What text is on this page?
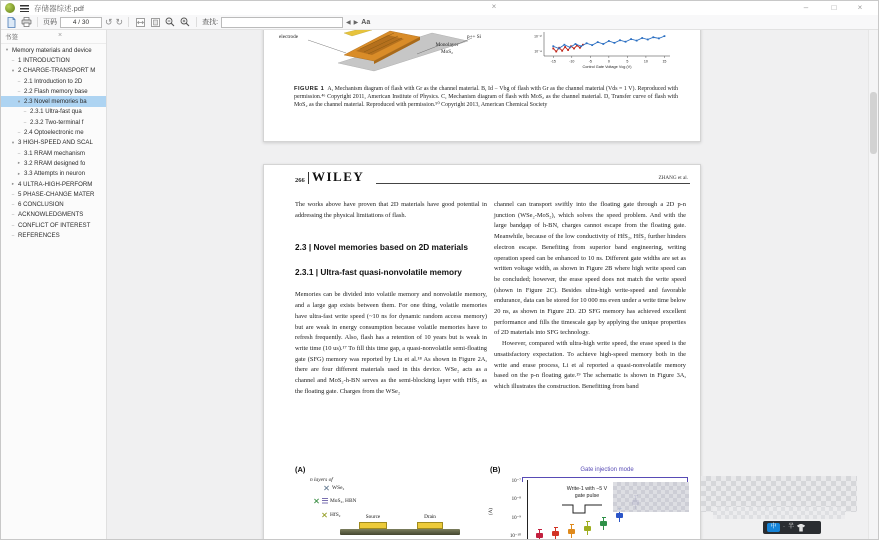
存储器综述.pdf	×	–	□	×
页码
4 / 30	↺ ↻	查找:	◀ ▶ Aa
书签	×
▾ Memory materials and device
– 1 INTRODUCTION
▾ 2 CHARGE-TRANSPORT M
– 2.1 Introduction to 2D
– 2.2 Flash memory base
▾ 2.3 Novel memories ba
– 2.3.1 Ultra-fast qua
– 2.3.2 Two-terminal f
– 2.4 Optoelectronic me
▾ 3 HIGH-SPEED AND SCAL
– 3.1 RRAM mechanism
▸ 3.2 RRAM designed fo
▸ 3.3 Attempts in neuron
▸ 4 ULTRA-HIGH-PERFORM
– 5 PHASE-CHANGE MATER
– 6 CONCLUSION
– ACKNOWLEDGMENTS
– CONFLICT OF INTEREST
– REFERENCES
-15	-10	-5	0	5	10	15
10⁻¹⁰
10⁻¹²
Control Gate Voltage Vcg (V)
electrode
Monolayer
MoS₂
p++ Si
FIGURE 1 A, Mechanism diagram of flash with Gr as the channel material. B, Id − Vbg of flash with Gr as the channel material (Vds = 1 V). Reproduced with permission.⁴⁶ Copyright 2011, American Institute of Physics. C, Mechanism diagram of flash with MoS₂ as the channel material. D, Transfer curve of flash with MoS₂ as the channel material. Reproduced with permission.⁵⁰ Copyright 2013, American Chemical Society
266 WILEY	ZHANG et al.

The works above have proven that 2D materials have good potential in addressing the physical limitations of flash.

2.3 | Novel memories based on 2D materials
2.3.1 | Ultra-fast quasi-nonvolatile memory

Memories can be divided into volatile memory and nonvolatile memory, and a large gap exists between them. For one thing, volatile memories have ultra-fast write speed (~10 ns for dynamic random access memory) but are weak in energy consumption because volatile memories have to refresh frequently. Also, flash has a retention of 10 years but is weak in write time (10 us).¹⁷ To fill this time gap, a quasi-nonvolatile semi-floating gate (SFG) memory was reported by Liu et al.¹⁸ As shown in Figure 2A, there are four different materials used in this device. WSe₂ acts as a channel and MoS₂-h-BN serves as the semi-blocking layer with HfS₂ as the floating gate. Charges from the WSe₂

channel can transport swiftly into the floating gate through a 2D p-n junction (WSe₂-MoS₂), which solves the speed problem. And with the large bandgap of h-BN, charges cannot escape from the floating gate. Meanwhile, because of the low conductivity of HfS₂, HfS₂ further hinders electron escape. Benefiting from superior band engineering, writing operation speed can be enhanced to 10 ns. Different gate widths are set as written voltage width, as shown in Figure 2B where high write speed can be concluded; however, the erase speed does not match the write speed (shown in Figure 2C). Besides ultra-high write-speed and favorable endurance, data can be stored for 10 000 ms even under a write time below 20 ns, as shown in Figure 2D. 2D SFG memory has achieved excellent performance and fills the timescale gap by applying the unique properties of 2D materials into SFG technology.

However, compared with ultra-high write speed, the erase speed is the unsatisfactory expectation. To achieve high-speed memory both in the write and erase process, Li et al reported a quasi-nonvolatile memory based on the p-n floating gate.¹⁹ The schematic is shown in Figure 3A, which illustrates the construction. Benefitting from band

(A)
n layers of
WSe₂
MoS₂, HBN
HfS₂	Source	Drain
(B)	Gate injection mode
10⁻⁷
10⁻⁸
10⁻⁹
10⁻¹⁰
(A)
Write-1 with −5 V
gate pulse
中	· 半
